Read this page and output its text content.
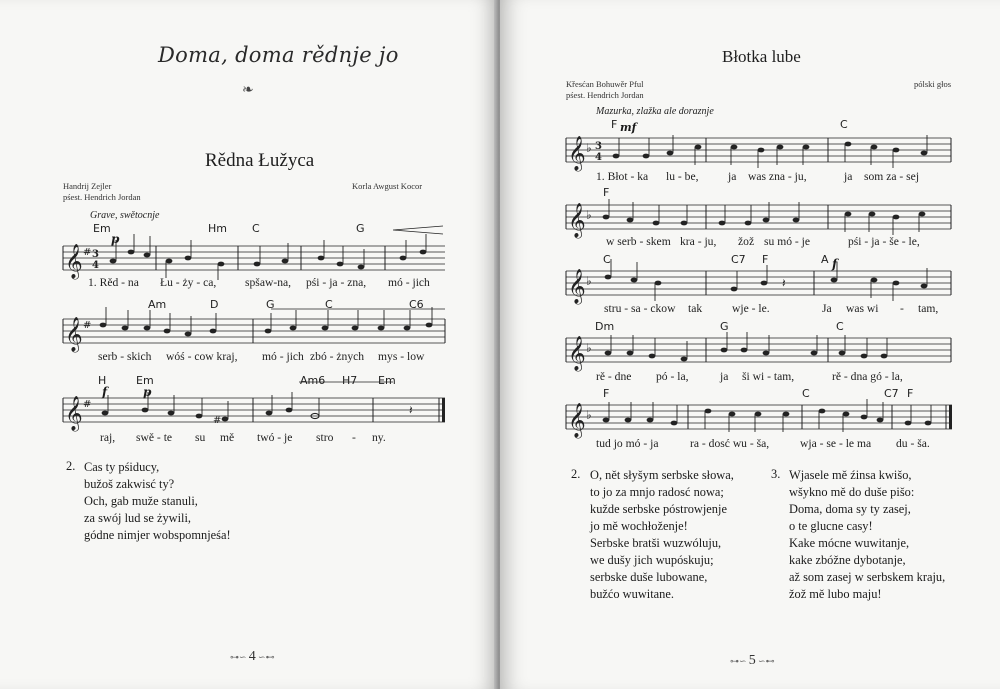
Doma, doma rědnje jo
❧
Rědna Łužyca
Handrij Zejler
pśest. Hendrich Jordan
Korla Awgust Kocor
Grave, swětocnje
Em	Hm C	G
p
𝄞 # 3
4
1. Rěd - na Łu - ży - ca, spšaw-na, pśi - ja - zna, mó - jich
Am	D	G	C	C6
𝄞 #
serb - skich wóś - cow kraj, mó - jich zbó - żnych mys - low
H	Em	Am6 H7 Em
f	p
𝄞 #
#
𝄽
raj, swě - te su mě twó - je stro - ny.
2. Cas ty pśiducy,
bužoš zakwisć ty?
Och, gab muže stanuli,
za swój lud se żywili,
gódne nimjer wobspomnjeśa!
⊶∽ 4 ∽⊷
Błotka lube
Křesćan Bohuwěr Pful
pśest. Hendrich Jordan
pólski głos
Mazurka, zlažka ale doraznje
F	C
mf
𝄞 ♭ 3
4
1. Błot - ka lu - be,	ja was zna - ju,	ja som za - sej
F
𝄞 ♭
w serb - skem kra - ju, žož su mó - je	pśi - ja - še - le,
C	C7 F	A f
𝄞 ♭	𝄽
stru - sa - ckow tak	wje - le.	Ja was wi - tam,
Dm	G	C
𝄞 ♭
rě - dne pó - la,	ja ši wi - tam,	rě - dna gó - la,
F	C	C7 F
𝄞 ♭
tud jo mó - ja	ra - dosć wu - ša,	wja - se - le ma du - ša.
2. O, nět słyšym serbske słowa,
to jo za mnjo radosć nowa;
kužde serbske póstrowjenje
jo mě wochłoženje!
Serbske bratši wuzwóluju,
we dušy jich wupóskuju;
serbske duše lubowane,
bužćo wuwitane.
3. Wjasele mě źinsa kwišo,
wšykno mě do duše pišo:
Doma, doma sy ty zasej,
o te glucne casy!
Kake mócne wuwitanje,
kake zbóžne dybotanje,
až som zasej w serbskem kraju,
žož mě lubo maju!
⊶∽ 5 ∽⊷
